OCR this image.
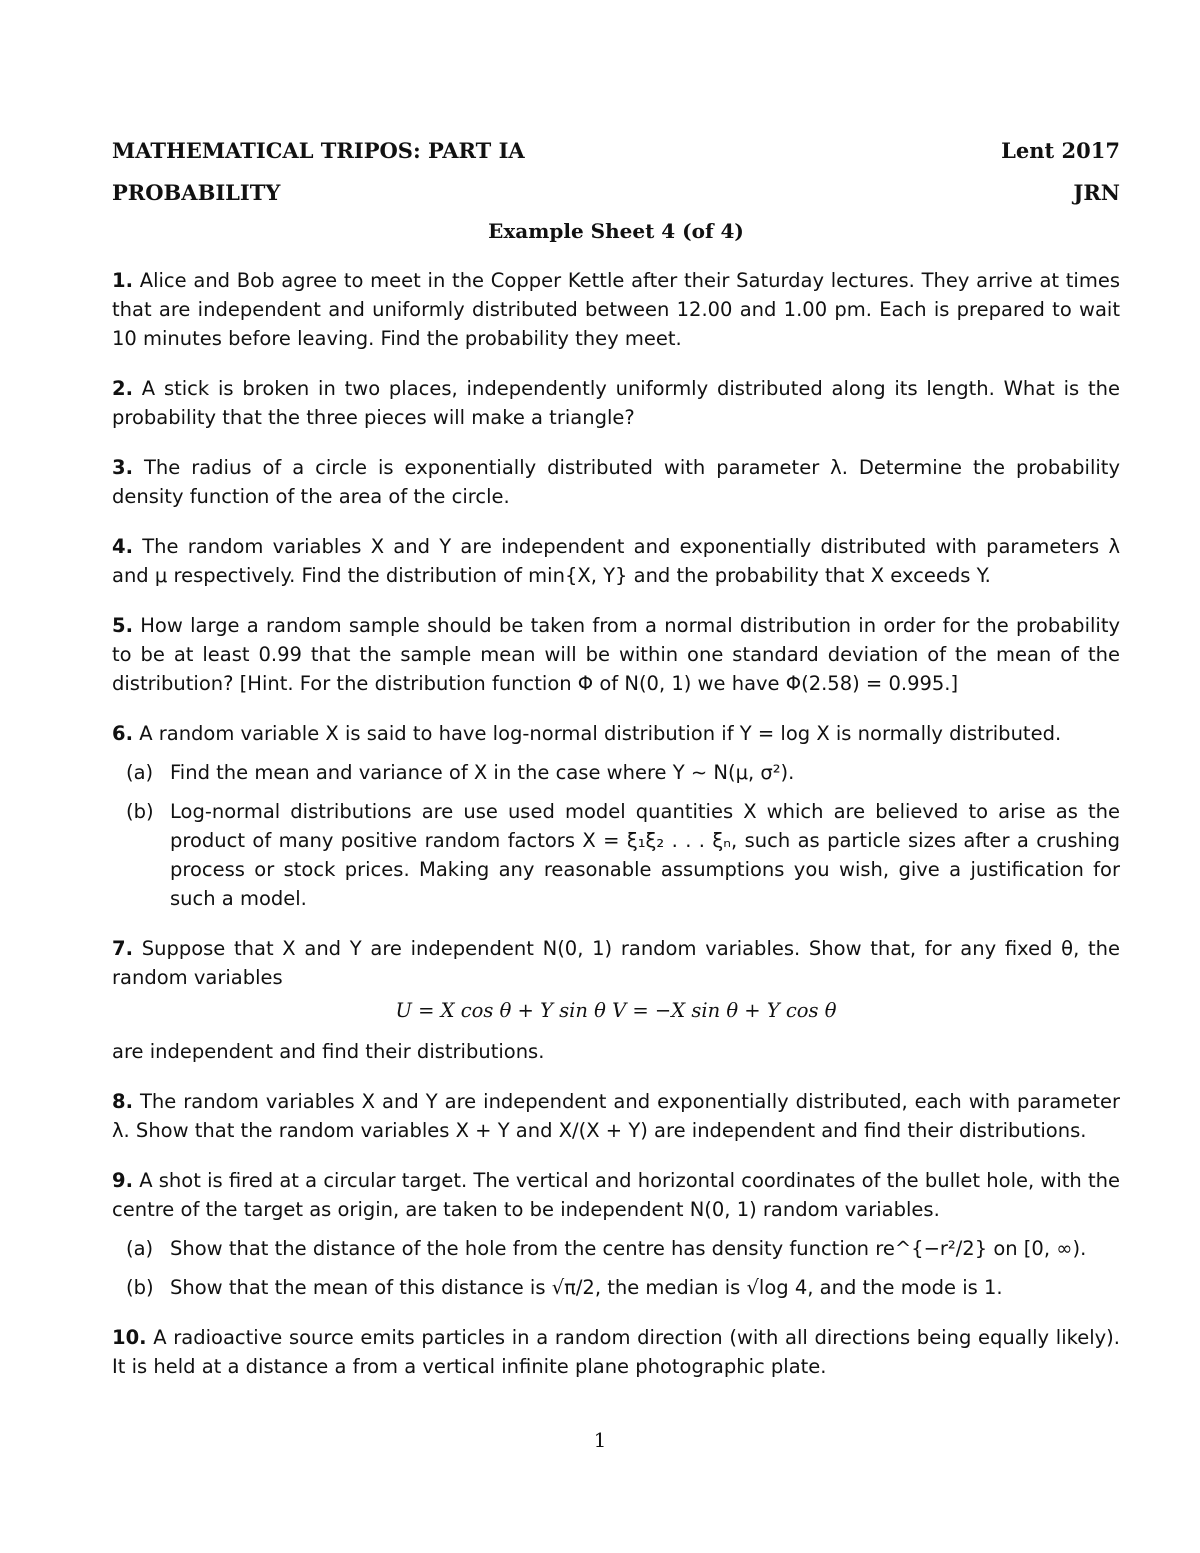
MATHEMATICAL TRIPOS: PART IA	Lent 2017
PROBABILITY	JRN
Example Sheet 4 (of 4)
1. Alice and Bob agree to meet in the Copper Kettle after their Saturday lectures. They arrive at times that are independent and uniformly distributed between 12.00 and 1.00 pm. Each is prepared to wait 10 minutes before leaving. Find the probability they meet.
2. A stick is broken in two places, independently uniformly distributed along its length. What is the probability that the three pieces will make a triangle?
3. The radius of a circle is exponentially distributed with parameter λ. Determine the probability density function of the area of the circle.
4. The random variables X and Y are independent and exponentially distributed with parameters λ and μ respectively. Find the distribution of min{X, Y} and the probability that X exceeds Y.
5. How large a random sample should be taken from a normal distribution in order for the probability to be at least 0.99 that the sample mean will be within one standard deviation of the mean of the distribution? [Hint. For the distribution function Φ of N(0, 1) we have Φ(2.58) = 0.995.]
6. A random variable X is said to have log-normal distribution if Y = log X is normally distributed.
(a) Find the mean and variance of X in the case where Y ∼ N(μ, σ²).
(b) Log-normal distributions are use used model quantities X which are believed to arise as the product of many positive random factors X = ξ₁ξ₂ . . . ξₙ, such as particle sizes after a crushing process or stock prices. Making any reasonable assumptions you wish, give a justification for such a model.
7. Suppose that X and Y are independent N(0, 1) random variables. Show that, for any fixed θ, the random variables
U = X cos θ + Y sin θ V = −X sin θ + Y cos θ
are independent and find their distributions.
8. The random variables X and Y are independent and exponentially distributed, each with parameter λ. Show that the random variables X + Y and X/(X + Y) are independent and find their distributions.
9. A shot is fired at a circular target. The vertical and horizontal coordinates of the bullet hole, with the centre of the target as origin, are taken to be independent N(0, 1) random variables.
(a) Show that the distance of the hole from the centre has density function re^{−r²/2} on [0, ∞).
(b) Show that the mean of this distance is √π/2, the median is √log 4, and the mode is 1.
10. A radioactive source emits particles in a random direction (with all directions being equally likely). It is held at a distance a from a vertical infinite plane photographic plate.
1
